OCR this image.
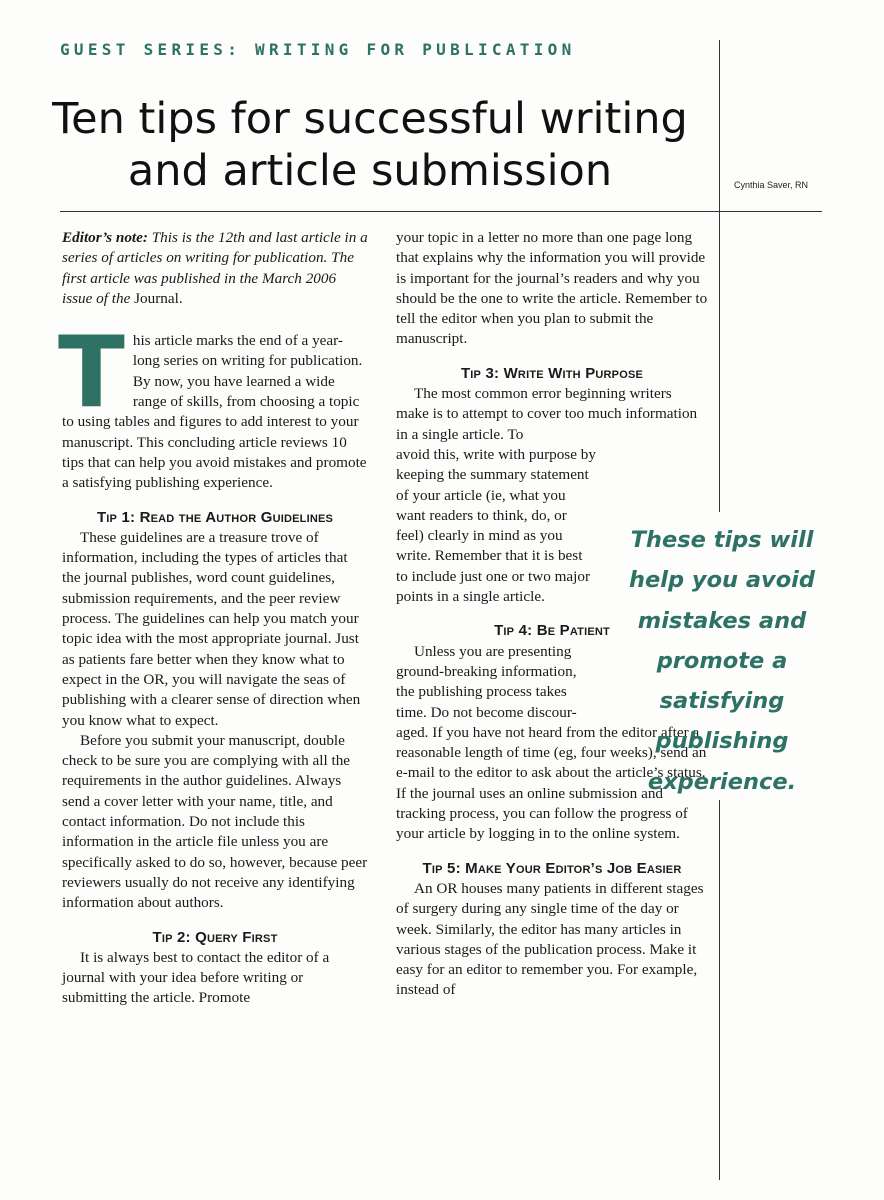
GUEST SERIES: WRITING FOR PUBLICATION
Ten tips for successful writing and article submission	Cynthia Saver, RN

Editor’s note: This is the 12th and last article in a series of articles on writing for publication. The first article was published in the March 2006 issue of the Journal.

This article marks the end of a year-long series on writing for publication. By now, you have learned a wide range of skills, from choosing a topic to using tables and figures to add interest to your manuscript. This concluding article reviews 10 tips that can help you avoid mistakes and promote a satisfying publishing experience.

Tip 1: Read the Author Guidelines

These guidelines are a treasure trove of information, including the types of articles that the journal publishes, word count guidelines, submission requirements, and the peer review process. The guidelines can help you match your topic idea with the most appropriate journal. Just as patients fare better when they know what to expect in the OR, you will navigate the seas of publishing with a clearer sense of direction when you know what to expect.

Before you submit your manuscript, double check to be sure you are complying with all the requirements in the author guidelines. Always send a cover letter with your name, title, and contact information. Do not include this information in the article file unless you are specifically asked to do so, however, because peer reviewers usually do not receive any identifying information about authors.

Tip 2: Query First

It is always best to contact the editor of a journal with your idea before writing or submitting the article. Promote

your topic in a letter no more than one page long that explains why the information you will provide is important for the journal’s readers and why you should be the one to write the article. Remember to tell the editor when you plan to submit the manuscript.

Tip 3: Write With Purpose

The most common error beginning writers make is to attempt to cover too much information in a single article. To

avoid this, write with purpose by keeping the summary statement of your article (ie, what you want readers to think, do, or feel) clearly in mind as you write. Remember that it is best to include just one or two major points in a single article.

Tip 4: Be Patient

Unless you are presenting ground-breaking information, the publishing process takes time. Do not become discour-

aged. If you have not heard from the editor after a reasonable length of time (eg, four weeks), send an e-mail to the editor to ask about the article’s status. If the journal uses an online submission and tracking process, you can follow the progress of your article by logging in to the online system.

Tip 5: Make Your Editor’s Job Easier

An OR houses many patients in different stages of surgery during any single time of the day or week. Similarly, the editor has many articles in various stages of the publication process. Make it easy for an editor to remember you. For example, instead of

These tips will help you avoid mistakes and promote a satisfying publishing experience.
